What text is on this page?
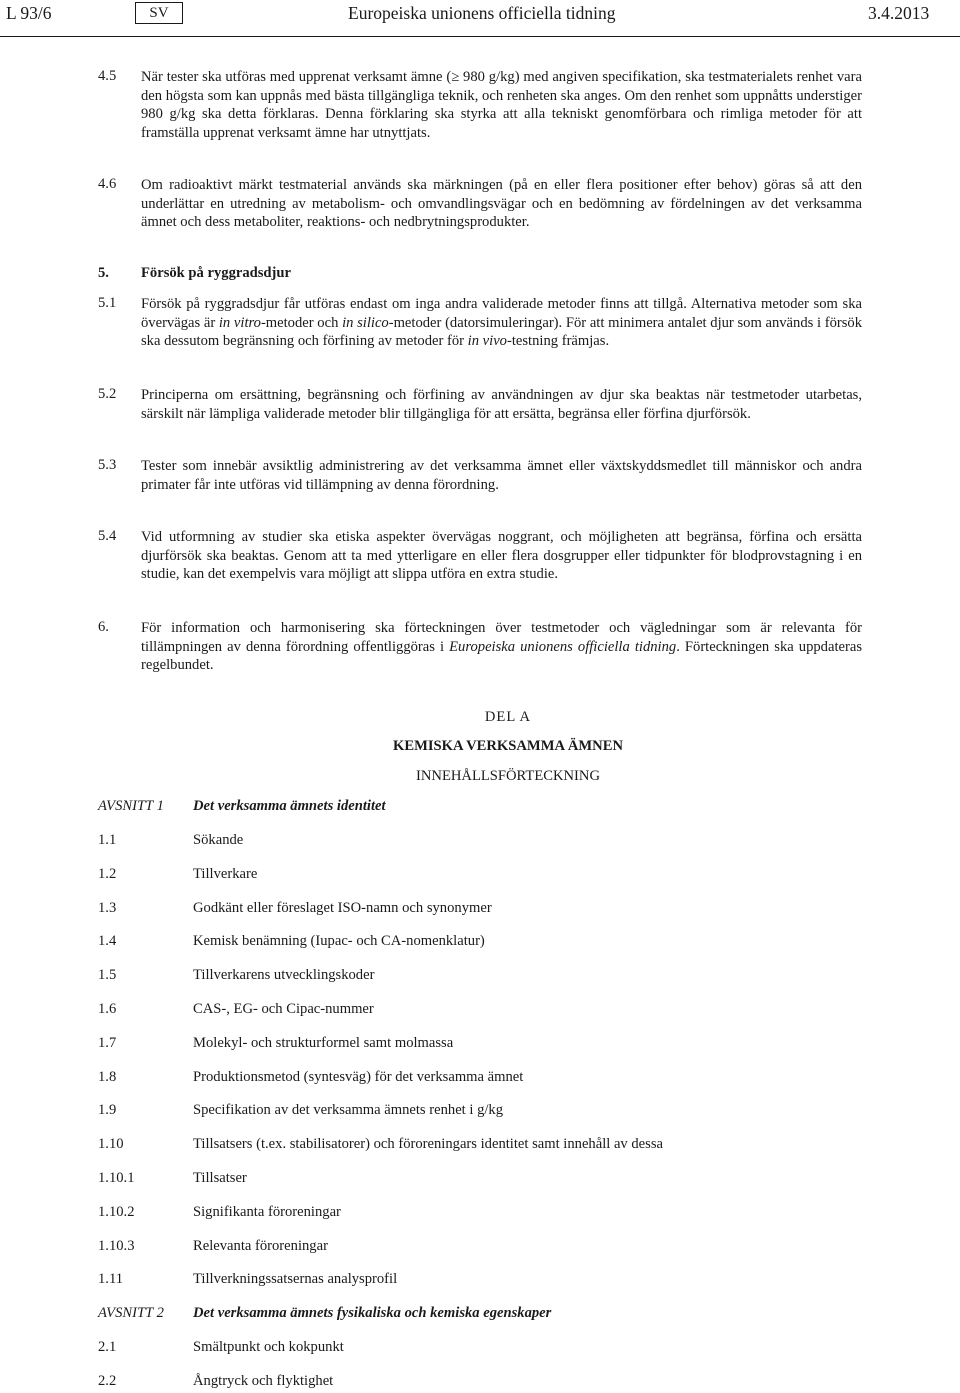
L 93/6	SV	Europeiska unionens officiella tidning	3.4.2013
4.5 När tester ska utföras med upprenat verksamt ämne (≥ 980 g/kg) med angiven specifikation, ska testmaterialets renhet vara den högsta som kan uppnås med bästa tillgängliga teknik, och renheten ska anges. Om den renhet som uppnåtts understiger 980 g/kg ska detta förklaras. Denna förklaring ska styrka att alla tekniskt genomförbara och rimliga metoder för att framställa upprenat verksamt ämne har utnyttjats.
4.6 Om radioaktivt märkt testmaterial används ska märkningen (på en eller flera positioner efter behov) göras så att den underlättar en utredning av metabolism- och omvandlingsvägar och en bedömning av fördelningen av det verksamma ämnet och dess metaboliter, reaktions- och nedbrytningsprodukter.
5. Försök på ryggradsdjur
5.1 Försök på ryggradsdjur får utföras endast om inga andra validerade metoder finns att tillgå. Alternativa metoder som ska övervägas är in vitro-metoder och in silico-metoder (datorsimuleringar). För att minimera antalet djur som används i försök ska dessutom begränsning och förfining av metoder för in vivo-testning främjas.
5.2 Principerna om ersättning, begränsning och förfining av användningen av djur ska beaktas när testmetoder utarbetas, särskilt när lämpliga validerade metoder blir tillgängliga för att ersätta, begränsa eller förfina djurförsök.
5.3 Tester som innebär avsiktlig administrering av det verksamma ämnet eller växtskyddsmedlet till människor och andra primater får inte utföras vid tillämpning av denna förordning.
5.4 Vid utformning av studier ska etiska aspekter övervägas noggrant, och möjligheten att begränsa, förfina och ersätta djurförsök ska beaktas. Genom att ta med ytterligare en eller flera dosgrupper eller tidpunkter för blodprovstagning i en studie, kan det exempelvis vara möjligt att slippa utföra en extra studie.
6. För information och harmonisering ska förteckningen över testmetoder och vägledningar som är relevanta för tillämpningen av denna förordning offentliggöras i Europeiska unionens officiella tidning. Förteckningen ska uppdateras regelbundet.
DEL A
KEMISKA VERKSAMMA ÄMNEN
INNEHÅLLSFÖRTECKNING
AVSNITT 1 Det verksamma ämnets identitet
1.1	Sökande
1.2	Tillverkare
1.3	Godkänt eller föreslaget ISO-namn och synonymer
1.4	Kemisk benämning (Iupac- och CA-nomenklatur)
1.5	Tillverkarens utvecklingskoder
1.6	CAS-, EG- och Cipac-nummer
1.7	Molekyl- och strukturformel samt molmassa
1.8	Produktionsmetod (syntesväg) för det verksamma ämnet
1.9	Specifikation av det verksamma ämnets renhet i g/kg
1.10	Tillsatsers (t.ex. stabilisatorer) och föroreningars identitet samt innehåll av dessa
1.10.1	Tillsatser
1.10.2	Signifikanta föroreningar
1.10.3	Relevanta föroreningar
1.11	Tillverkningssatsernas analysprofil
AVSNITT 2 Det verksamma ämnets fysikaliska och kemiska egenskaper
2.1	Smältpunkt och kokpunkt
2.2	Ångtryck och flyktighet
